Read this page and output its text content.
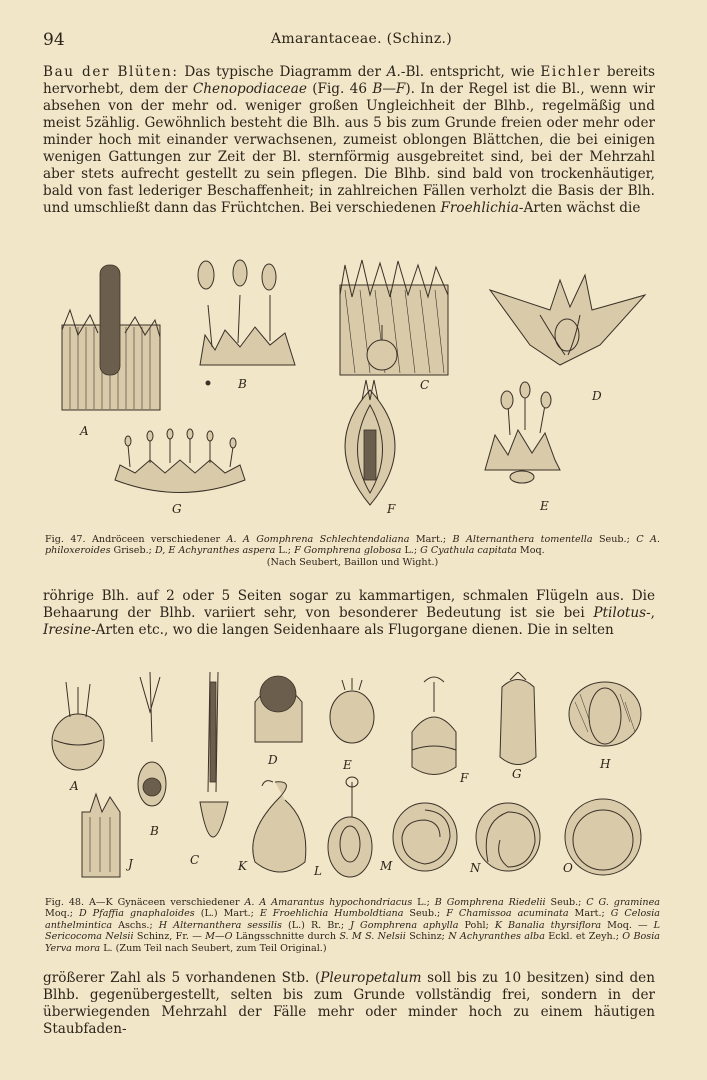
94	Amarantaceae. (Schinz.)
Bau der Blüten: Das typische Diagramm der A.-Bl. entspricht, wie Eichler bereits hervorhebt, dem der Chenopodiaceae (Fig. 46 B—F). In der Regel ist die Bl., wenn wir absehen von der mehr od. weniger großen Ungleichheit der Blhb., regelmäßig und meist 5zählig. Gewöhnlich besteht die Blh. aus 5 bis zum Grunde freien oder mehr oder minder hoch mit einander verwachsenen, zumeist oblongen Blättchen, die bei einigen wenigen Gattungen zur Zeit der Bl. sternförmig ausgebreitet sind, bei der Mehrzahl aber stets aufrecht gestellt zu sein pflegen. Die Blhb. sind bald von trockenhäutiger, bald von fast lederiger Beschaffenheit; in zahlreichen Fällen verholzt die Basis der Blh. und umschließt dann das Früchtchen. Bei verschiedenen Froehlichia-Arten wächst die
A
B	C
D
E
F
G
Fig. 47. Andröceen verschiedener A. A Gomphrena Schlechtendaliana Mart.; B Alternanthera tomentella Seub.; C A. philoxeroides Griseb.; D, E Achyranthes aspera L.; F Gomphrena globosa L.; G Cyathula capitata Moq.
(Nach Seubert, Baillon und Wight.)
röhrige Blh. auf 2 oder 5 Seiten sogar zu kammartigen, schmalen Flügeln aus. Die Behaarung der Blhb. variiert sehr, von besonderer Bedeutung ist sie bei Ptilotus-, Iresine-Arten etc., wo die langen Seidenhaare als Flugorgane dienen. Die in selten
A
B
C
D	E
F	G
H
J	K	L	M	N	O
Fig. 48. A—K Gynäceen verschiedener A. A Amarantus hypochondriacus L.; B Gomphrena Riedelii Seub.; C G. graminea Moq.; D Pfaffia gnaphaloides (L.) Mart.; E Froehlichia Humboldtiana Seub.; F Chamissoa acuminata Mart.; G Celosia anthelmintica Aschs.; H Alternanthera sessilis (L.) R. Br.; J Gomphrena aphylla Pohl; K Banalia thyrsiflora Moq. — L Sericocoma Nelsii Schinz, Fr. — M—O Längsschnitte durch S. M S. Nelsii Schinz; N Achyranthes alba Eckl. et Zeyh.; O Bosia Yerva mora L. (Zum Teil nach Seubert, zum Teil Original.)
größerer Zahl als 5 vorhandenen Stb. (Pleuropetalum soll bis zu 10 besitzen) sind den Blhb. gegenübergestellt, selten bis zum Grunde vollständig frei, sondern in der überwiegenden Mehrzahl der Fälle mehr oder minder hoch zu einem häutigen Staubfaden-
